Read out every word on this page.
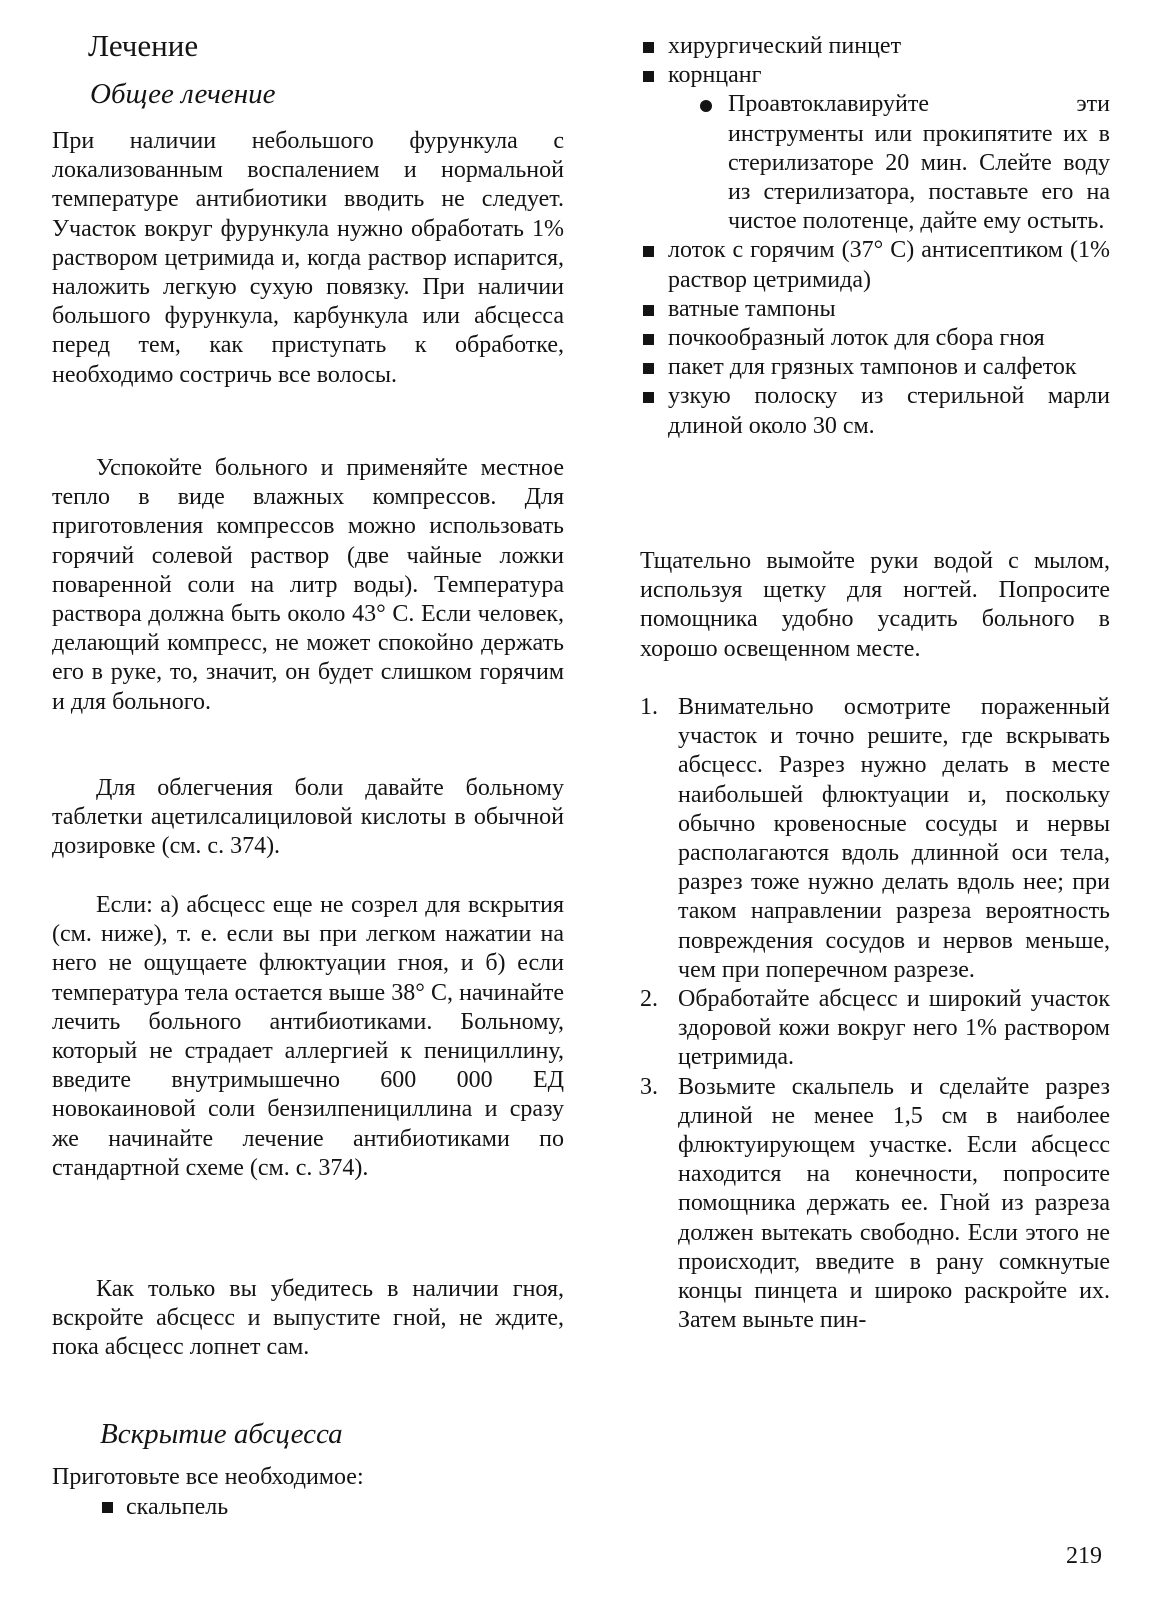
Лечение
Общее лечение

При наличии небольшого фурункула с локализованным воспалением и нормальной температуре антибиотики вводить не следует. Участок вокруг фурункула нужно обработать 1% раствором цетримида и, когда раствор испарится, наложить легкую сухую повязку. При наличии большого фурункула, карбункула или абсцесса перед тем, как приступать к обработке, необходимо состричь все волосы.

Успокойте больного и применяйте местное тепло в виде влажных компрессов. Для приготовления компрессов можно использовать горячий солевой раствор (две чайные ложки поваренной соли на литр воды). Температура раствора должна быть около 43° С. Если человек, делающий компресс, не может спокойно держать его в руке, то, значит, он будет слишком горячим и для больного.

Для облегчения боли давайте больному таблетки ацетилсалициловой кислоты в обычной дозировке (см. с. 374).

Если: а) абсцесс еще не созрел для вскрытия (см. ниже), т. е. если вы при легком нажатии на него не ощущаете флюктуации гноя, и б) если температура тела остается выше 38° С, начинайте лечить больного антибиотиками. Больному, который не страдает аллергией к пенициллину, введите внутримышечно 600 000 ЕД новокаиновой соли бензилпенициллина и сразу же начинайте лечение антибиотиками по стандартной схеме (см. с. 374).

Как только вы убедитесь в наличии гноя, вскройте абсцесс и выпустите гной, не ждите, пока абсцесс лопнет сам.

Вскрытие абсцесса
Приготовьте все необходимое:
скальпель
хирургический пинцет
корнцанг

Проавтоклавируйте эти инструменты или прокипятите их в стерилизаторе 20 мин. Слейте воду из стерилизатора, поставьте его на чистое полотенце, дайте ему остыть.

лоток с горячим (37° С) антисептиком (1% раствор цетримида)
ватные тампоны
почкообразный лоток для сбора гноя
пакет для грязных тампонов и салфеток
узкую полоску из стерильной марли длиной около 30 см.

Тщательно вымойте руки водой с мылом, используя щетку для ногтей. Попросите помощника удобно усадить больного в хорошо освещенном месте.

1. Внимательно осмотрите пораженный участок и точно решите, где вскрывать абсцесс. Разрез нужно делать в месте наибольшей флюктуации и, поскольку обычно кровеносные сосуды и нервы располагаются вдоль длинной оси тела, разрез тоже нужно делать вдоль нее; при таком направлении разреза вероятность повреждения сосудов и нервов меньше, чем при поперечном разрезе.
2. Обработайте абсцесс и широкий участок здоровой кожи вокруг него 1% раствором цетримида.
3. Возьмите скальпель и сделайте разрез длиной не менее 1,5 см в наиболее флюктуирующем участке. Если абсцесс находится на конечности, попросите помощника держать ее. Гной из разреза должен вытекать свободно. Если этого не происходит, введите в рану сомкнутые концы пинцета и широко раскройте их. Затем выньте пин-
219
